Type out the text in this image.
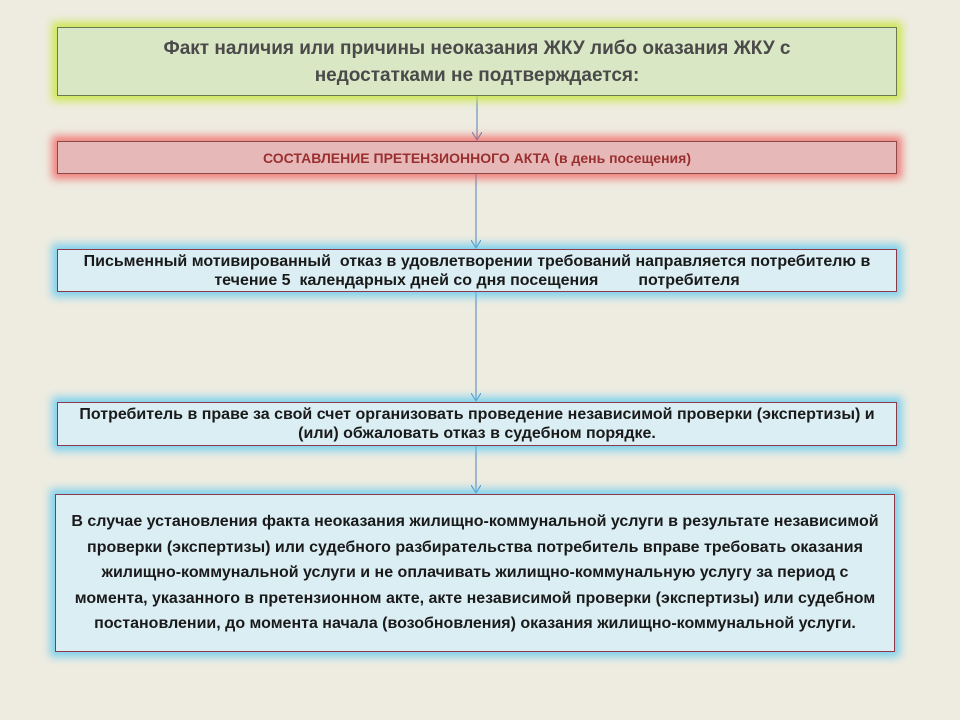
Факт наличия или причины неоказания ЖКУ либо оказания ЖКУ с недостатками не подтверждается:
СОСТАВЛЕНИЕ ПРЕТЕНЗИОННОГО АКТА (в день посещения)
Письменный мотивированный  отказ в удовлетворении требований направляется потребителю в течение 5  календарных дней со дня посещения         потребителя
Потребитель в праве за свой счет организовать проведение независимой проверки (экспертизы) и (или) обжаловать отказ в судебном порядке.
В случае установления факта неоказания жилищно-коммунальной услуги в результате независимой проверки (экспертизы) или судебного разбирательства потребитель вправе требовать оказания жилищно-коммунальной услуги и не оплачивать жилищно-коммунальную услугу за период с момента, указанного в претензионном акте, акте независимой проверки (экспертизы) или судебном постановлении, до момента начала (возобновления) оказания жилищно-коммунальной услуги.
